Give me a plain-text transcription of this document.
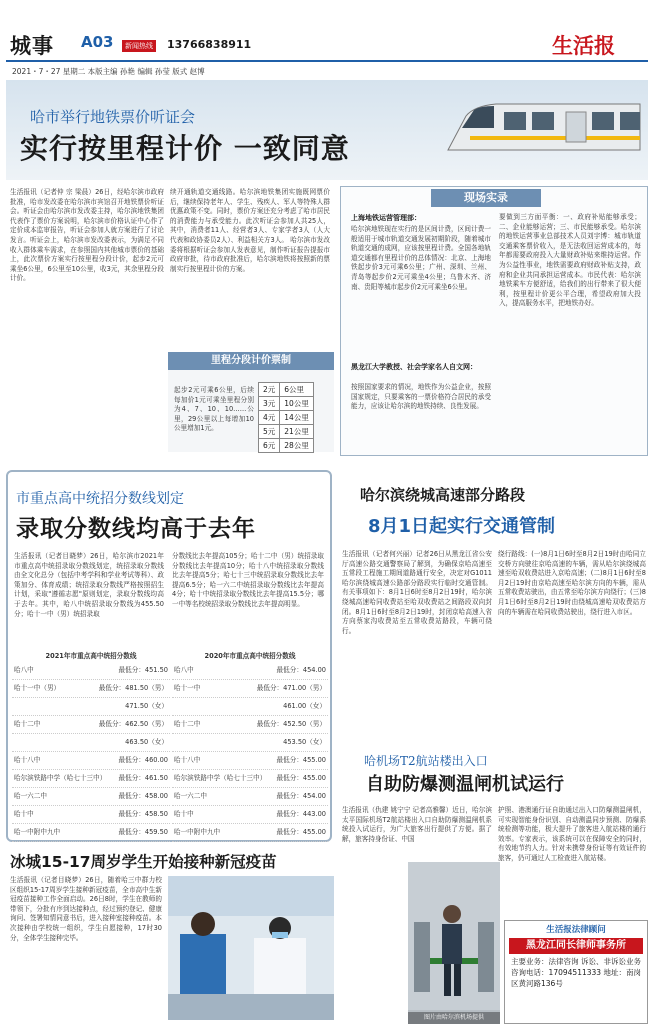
城事 A03	新闻热线 13766838911	生活报
2021・7・27 星期二 本版主编 孙艳 编辑 孙莹 版式 赵博
哈市举行地铁票价听证会
实行按里程计价 一致同意
生活报讯（记者仲 宗 梁晨）26日，经哈尔滨市政府批准，哈市发改委在哈尔滨市宾馆召开地铁票价听证会。听证会由哈尔滨市发改委主持，哈尔滨地铁集团代表作了票价方案说明，哈尔滨市价格认证中心作了定价成本监审报告，听证会参加人就方案进行了讨论发言。听证会上，哈尔滨市发改委表示，为满足不同收入群体乘车需求，在参照国内其他城市票价的基础上，此次票价方案实行按里程分段计价，起步2元可乘坐6公里，6公里至10公里，收3元，其余里程分段计价。
续开通轨道交通线路。哈尔滨地铁集团实施既网票价后，继续保持老年人、学生、残疾人、军人等特殊人群优惠政策不变。同时，票价方案还充分考虑了哈市居民的消费能力与承受能力。此次听证会参加人共25人，其中，消费者11人、经营者3人、专家学者3人（人大代表和政协委员2人）、利益相关方3人。 哈尔滨市发改委将根据听证会参加人发表意见，制作听证报告提报市政府审批，待市政府批准后，哈尔滨地铁将按照新的票制实行按里程计价的方案。
里程分段计价票制
起步2元可乘6公里，后续每加价1元可乘坐里程分别为4、7、10、10……公里，29公里以上每增加10公里增加1元。
2元	6公里
3元	10公里
4元	14公里
5元	21公里
6元	28公里
现场实录
上海地铁运营管理部：
哈尔滨地铁现在实行的是区间计费，区间计费一般适用于城市轨道交通发展初期阶段，随着城市轨道交通的成网，应该按里程计费。全国各地轨道交通都有里程计价的总体情况：北京、上海地铁起步价3元可乘6公里；广州、深圳、兰州、青岛等起步价2元可乘坐4公里；乌鲁木齐、济南、贵阳等城市起步价2元可乘坐6公里。
黑龙江大学教授、社会学家名人自文网：
按照国家要求的情况，地铁作为公益企业，按照国家规定，只要乘客的一票价格符合居民的承受能力，应该让哈尔滨的地铁持续、良性发展。
要做到三方面平衡：一、政府补贴能够承受；二、企业能够运营；三、市民能够承受。哈尔滨的地铁运营事业总部技术人员刘宇博：城市轨道交通乘客票价收入，是无法收回运营成本的，每年都需要政府投入大量财政补贴来维持运营。作为公益性事业，地铁需要政府财政补贴支持，政府和企业共同承担运营成本。市民代表：哈尔滨地铁乘车方便舒适，给我们的出行带来了很大便利，按里程计价更公平合理，希望政府加大投入，提高服务水平，把地铁办好。
市重点高中统招分数线划定
录取分数线均高于去年
生活报讯（记者目晓梦）26日，哈尔滨市2021年市重点高中统招录取分数线划定，统招录取分数线由全文化总分（包括中考学科和学业考试等科）、政策加分、体育成绩；统招录取分数线严格按照招生计划，采取"遵循志愿"原则划定，录取分数线均高于去年。其中，哈八中统招录取分数线为455.50分；哈十一中（男）统招录取
分数线比去年提高105分；哈十二中（男）统招录取分数线比去年提高10分；哈十八中统招录取分数线比去年提高5分；哈七十三中统招录取分数线比去年提高6.5分；哈一六二中统招录取分数线比去年提高4分；哈十中统招录取分数线比去年提高15.5分；哪一中等名校统招录取分数线比去年提高明显。
2021年市重点高中统招分数线
哈八中	最低分：451.50
哈十一中（男）	最低分：481.50（男）
471.50（女）
哈十二中	最低分：462.50（男）
463.50（女）
哈十八中	最低分：460.00
哈尔滨铁路中学（哈七十三中） 最低分：461.50
哈一六二中	最低分：458.00
哈十中	最低分：458.50
哈一中附中九中	最低分：459.50
2020年市重点高中统招分数线
哈八中	最低分：454.00
哈十一中	最低分：471.00（男）
461.00（女）
哈十二中	最低分：452.50（男）
453.50（女）
哈十八中	最低分：455.00
哈尔滨铁路中学（哈七十三中） 最低分：455.00
哈一六二中	最低分：454.00
哈十中	最低分：443.00
哈一中附中九中	最低分：455.00
哈尔滨绕城高速部分路段
8月1日起实行交通管制
生活报讯（记者何兴丽）记者26日从黑龙江省公安厅高速公路交通警察局了解到，为确保京哈高速至五常段工程施工期间道路通行安全，决定对G1011哈尔滨绕城高速公路部分路段实行临时交通管制。有关事项如下：8月1日6时至8月2日19时，哈尔滨绕城高速哈同收费站至哈双收费站之间路段双向封闭。8月1日6时至8月2日19时，封闭京哈高速入省方向蔡家沟收费站至五常收费站路段，车辆可绕行。
绕行路线：(一)8月1日6时至8月2日19时由哈同立交桥方向驶往京哈高速的车辆，需从哈尔滨绕城高速至哈双收费站进入京哈高速；(二)8月1日6时至8月2日19时由京哈高速至哈尔滨方向的车辆，需从五常收费站驶出，由五常至哈尔滨方向绕行；(三)8月1日6时至8月2日19时由绕城高速哈双收费站方向的车辆需在哈同收费站驶出，绕行进入市区。
哈机场T2航站楼出入口
自助防爆测温闸机试运行
生活报讯（仇建 姚宁宁 记者高雅馨）近日，哈尔滨太平国际机场T2航站楼出入口自助防爆测温闸机系统投入试运行，为广大旅客出行提供了方便。据了解，旅客持身份证、中国
护照、港澳通行证自助通过出入口防爆测温闸机，可实现智能身份识别、自动测温同步预测、防爆系统检测等功能，极大提升了旅客进入航站楼的通行效率。专家表示，该系统可以在保障安全的同时，有效地节约人力。针对未携带身份证等有效证件的旅客，仍可通过人工检查进入航站楼。
图片由哈尔滨机场提供
冰城15-17周岁学生开始接种新冠疫苗
生活报讯（记者目晓梦）26日，随着哈三中群力校区组织15-17周岁学生接种新冠疫苗，全市高中生新冠疫苗接种工作全面启动。26日8时，学生在教师的带领下，分批有序到达接种点，经过预约登记、健康询问、签署知情同意书后，进入接种室接种疫苗。本次接种由学校统一组织，学生自愿接种，17时30分，全体学生接种完毕。
生活报法律顾问
黑龙江同长律师事务所
主要业务：法律咨询 诉讼、非诉讼业务 咨询电话：17094511333 地址：南岗区黄河路136号
